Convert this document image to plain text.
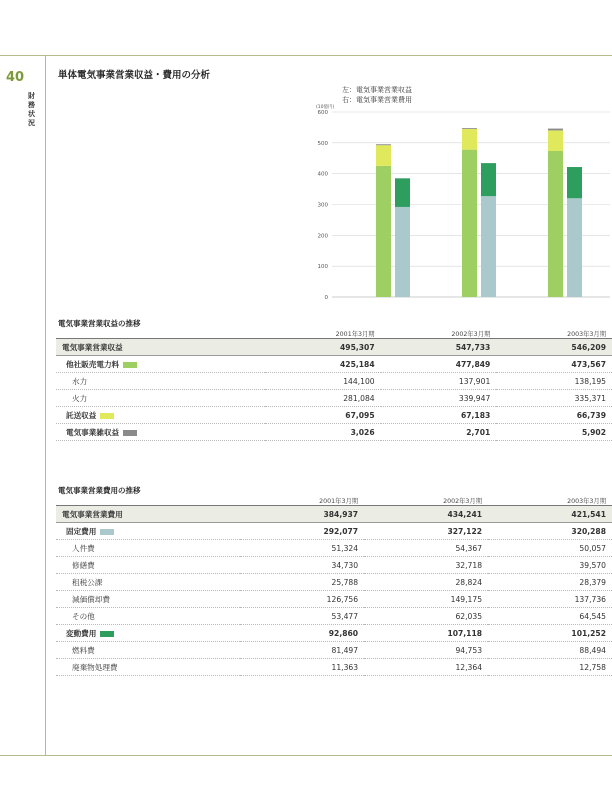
40
財務状況
単体電気事業営業収益・費用の分析
左：電気事業営業収益
右：電気事業営業費用
(10億円)
0
100
200
300
400
500
600
電気事業営業収益の推移
	2001年3月期	2002年3月期	2003年3月期
電気事業営業収益	495,307	547,733	546,209
他社販売電力料	425,184	477,849	473,567
水力	144,100	137,901	138,195
火力	281,084	339,947	335,371
託送収益	67,095	67,183	66,739
電気事業雑収益	3,026	2,701	5,902
電気事業営業費用の推移
	2001年3月期	2002年3月期	2003年3月期
電気事業営業費用	384,937	434,241	421,541
固定費用	292,077	327,122	320,288
人件費	51,324	54,367	50,057
修繕費	34,730	32,718	39,570
租税公課	25,788	28,824	28,379
減価償却費	126,756	149,175	137,736
その他	53,477	62,035	64,545
変動費用	92,860	107,118	101,252
燃料費	81,497	94,753	88,494
廃棄物処理費	11,363	12,364	12,758
